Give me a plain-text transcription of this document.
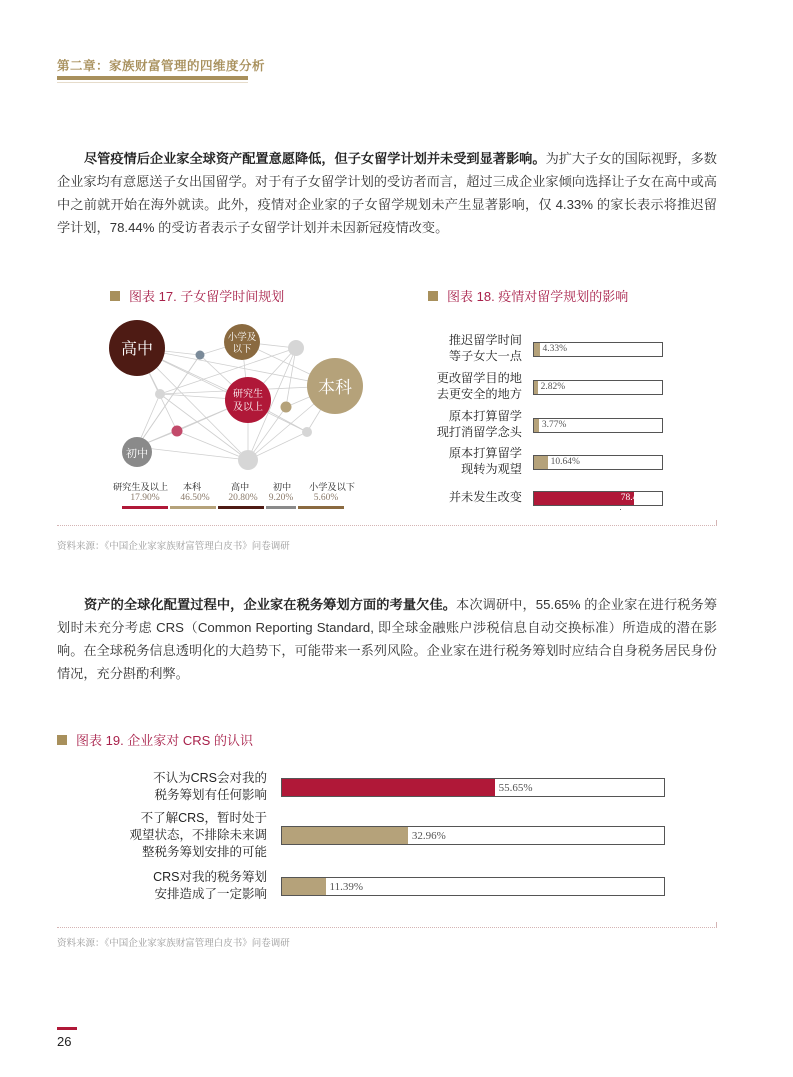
第二章：家族财富管理的四维度分析

尽管疫情后企业家全球资产配置意愿降低，但子女留学计划并未受到显著影响。为扩大子女的国际视野，多数企业家均有意愿送子女出国留学。对于有子女留学计划的受访者而言，超过三成企业家倾向选择让子女在高中或高中之前就开始在海外就读。此外，疫情对企业家的子女留学规划未产生显著影响，仅 4.33% 的家长表示将推迟留学计划，78.44% 的受访者表示子女留学计划并未因新冠疫情改变。

图表 17. 子女留学时间规划	图表 18. 疫情对留学规划的影响
高中
小学及
以下
本科
研究生
及以上
初中
研究生及以上	本科	高中	初中	小学及以下
17.90%	46.50%	20.80%	9.20%	5.60%
推迟留学时间
等子女大一点 4.33%
更改留学目的地
去更安全的地方 2.82%
原本打算留学
现打消留学念头 3.77%
原本打算留学
现转为观望	10.64%
并未发生改变	78.44%
·
资料来源：《中国企业家家族财富管理白皮书》问卷调研

资产的全球化配置过程中，企业家在税务筹划方面的考量欠佳。本次调研中，55.65% 的企业家在进行税务筹划时未充分考虑 CRS（Common Reporting Standard, 即全球金融账户涉税信息自动交换标准）所造成的潜在影响。在全球税务信息透明化的大趋势下，可能带来一系列风险。企业家在进行税务筹划时应结合自身税务居民身份情况，充分斟酌利弊。

图表 19. 企业家对 CRS 的认识
不认为CRS会对我的
税务筹划有任何影响	55.65%
不了解CRS，暂时处于
观望状态，不排除未来调
整税务筹划安排的可能
32.96%
CRS对我的税务筹划
安排造成了一定影响	11.39%
资料来源：《中国企业家家族财富管理白皮书》问卷调研
26
